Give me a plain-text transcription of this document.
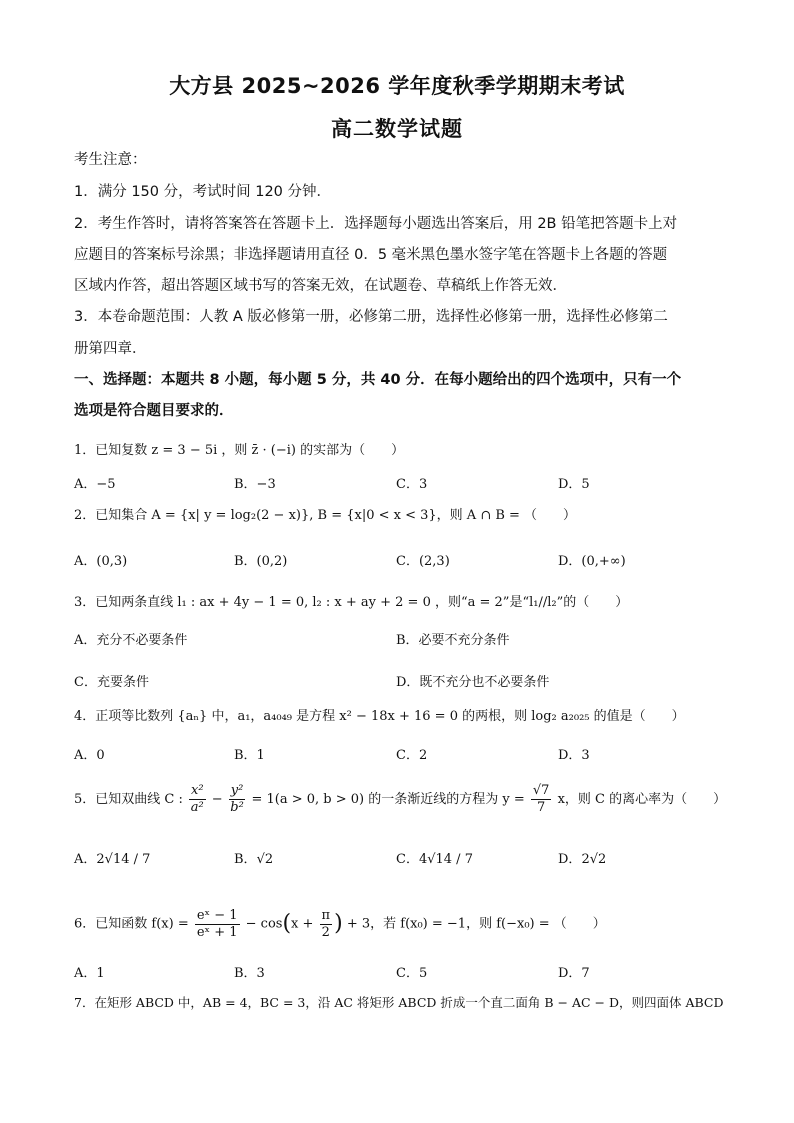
大方县 2025~2026 学年度秋季学期期末考试
高二数学试题
考生注意：
1．满分 150 分，考试时间 120 分钟．
2．考生作答时，请将答案答在答题卡上．选择题每小题选出答案后，用 2B 铅笔把答题卡上对
应题目的答案标号涂黑；非选择题请用直径 0．5 毫米黑色墨水签字笔在答题卡上各题的答题
区域内作答，超出答题区域书写的答案无效，在试题卷、草稿纸上作答无效．
3．本卷命题范围：人教 A 版必修第一册，必修第二册，选择性必修第一册，选择性必修第二
册第四章．
一、选择题：本题共 8 小题，每小题 5 分，共 40 分．在每小题给出的四个选项中，只有一个
选项是符合题目要求的．
1．已知复数 z = 3 − 5i ，则 z̄ · (−i) 的实部为（　　）
A．−5	B．−3	C．3	D．5
2．已知集合 A = {x| y = log₂(2 − x)}, B = {x|0 < x < 3}，则 A ∩ B = （　　）
A．(0,3)	B．(0,2)	C．(2,3)	D．(0,+∞)
3．已知两条直线 l₁ : ax + 4y − 1 = 0, l₂ : x + ay + 2 = 0 ，则“a = 2”是“l₁//l₂”的（　　）
A．充分不必要条件	B．必要不充分条件
C．充要条件	D．既不充分也不必要条件
4．正项等比数列 {aₙ} 中，a₁，a₄₀₄₉ 是方程 x² − 18x + 16 = 0 的两根，则 log₂ a₂₀₂₅ 的值是（　　）
A．0	B．1	C．2	D．3
5．已知双曲线 C : $\frac{\text{x²}}{\text{a²}} - \frac{\text{y²}}{\text{b²}} = 1(a > 0$, b > 0) 的一条渐近线的方程为 $y = \frac{√7}{7}$ x，则 C 的离心率为（　　）
A．2√14 / 7	B．√2	C．4√14 / 7	D．2√2
6．已知函数 $f(x) = \frac{\text{eˣ − 1}}{\text{eˣ + 1}} - \cos(x + \frac{\pi}{2}$ ) + 3，若 f(x₀) = −1，则 f(−x₀) = （　　）
A．1	B．3	C．5	D．7
7．在矩形 ABCD 中，AB = 4，BC = 3，沿 AC 将矩形 ABCD 折成一个直二面角 B − AC − D，则四面体 ABCD
